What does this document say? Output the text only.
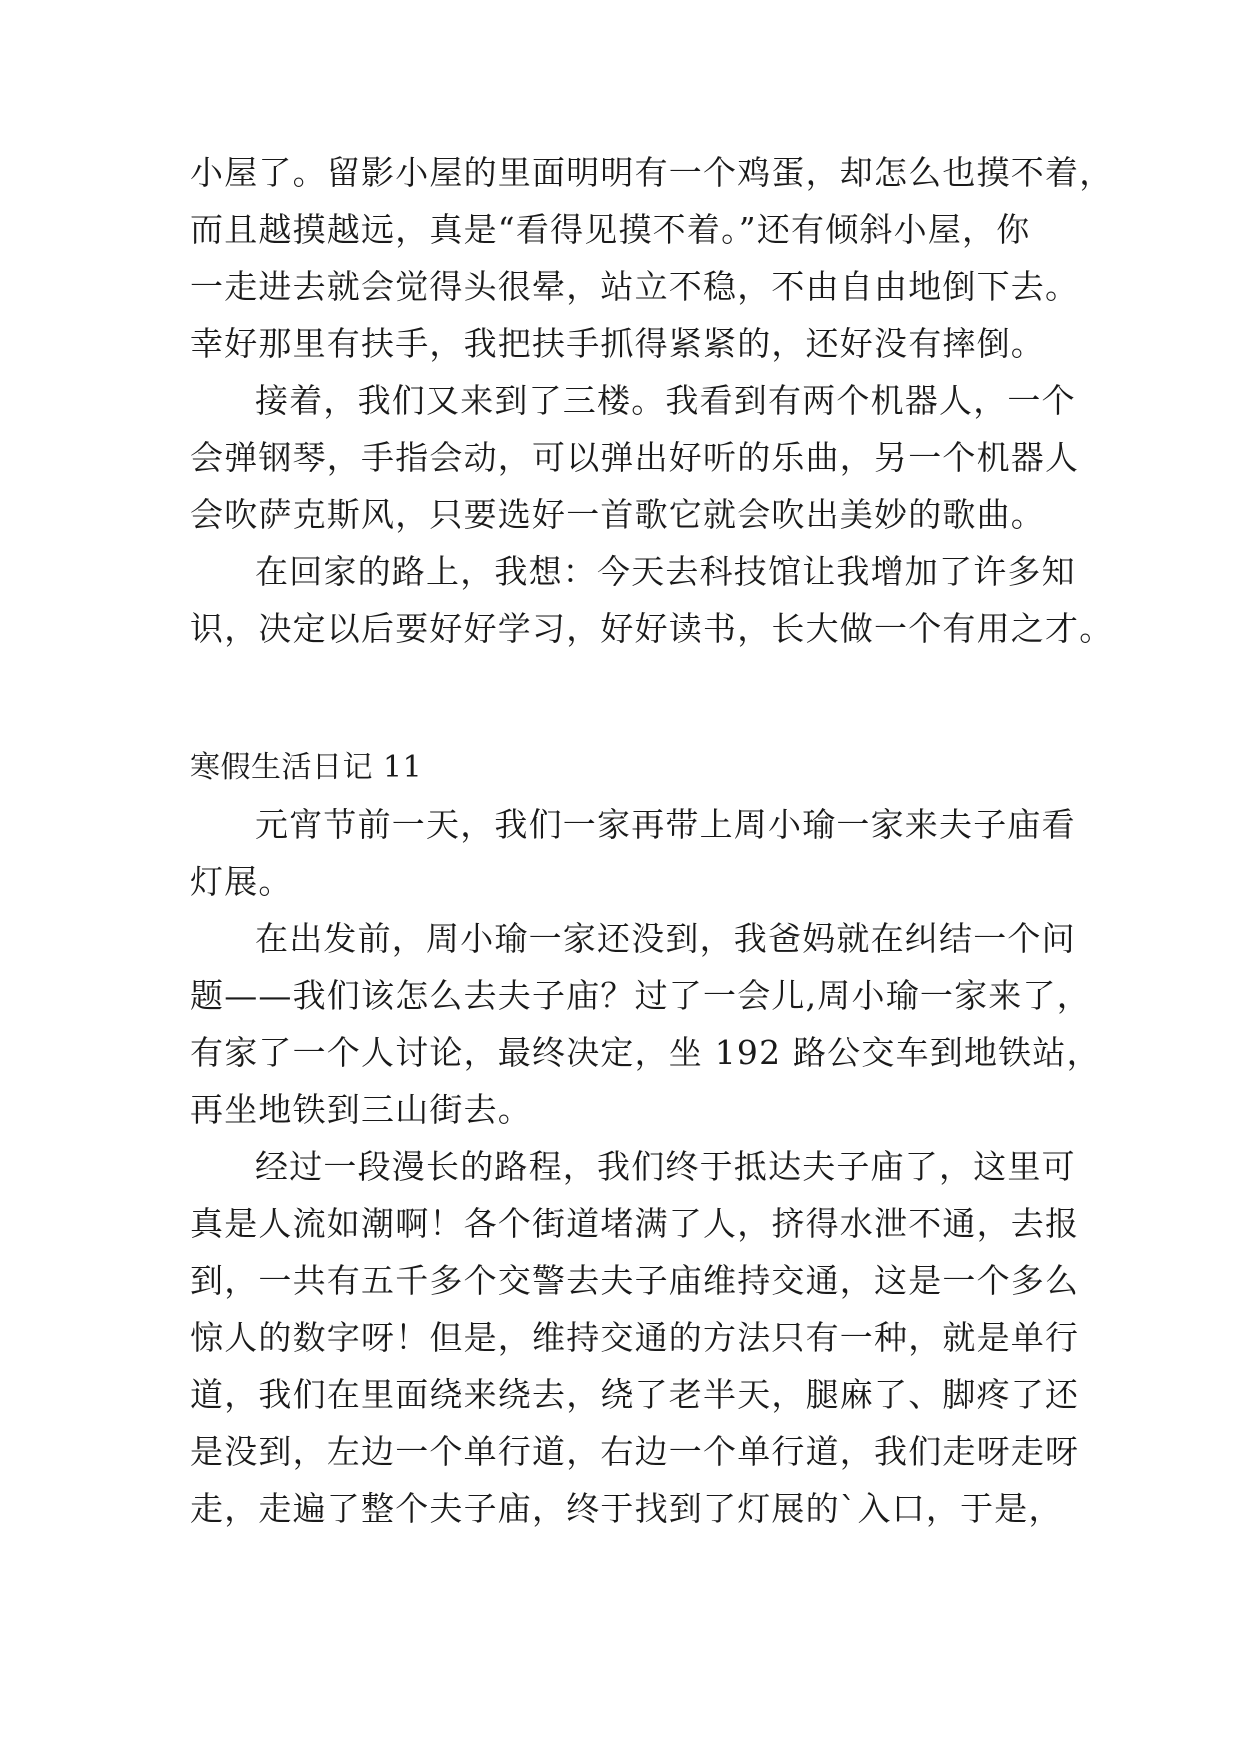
小屋了。留影小屋的里面明明有一个鸡蛋，却怎么也摸不着，
而且越摸越远，真是“看得见摸不着。”还有倾斜小屋，你
一走进去就会觉得头很晕，站立不稳，不由自由地倒下去。
幸好那里有扶手，我把扶手抓得紧紧的，还好没有摔倒。
接着，我们又来到了三楼。我看到有两个机器人，一个
会弹钢琴，手指会动，可以弹出好听的乐曲，另一个机器人
会吹萨克斯风，只要选好一首歌它就会吹出美妙的歌曲。
在回家的路上，我想：今天去科技馆让我增加了许多知
识，决定以后要好好学习，好好读书，长大做一个有用之才。
寒假生活日记 11
元宵节前一天，我们一家再带上周小瑜一家来夫子庙看
灯展。
在出发前，周小瑜一家还没到，我爸妈就在纠结一个问
题——我们该怎么去夫子庙？过了一会儿,周小瑜一家来了，
有家了一个人讨论，最终决定，坐 192 路公交车到地铁站，
再坐地铁到三山街去。
经过一段漫长的路程，我们终于抵达夫子庙了，这里可
真是人流如潮啊！各个街道堵满了人，挤得水泄不通，去报
到，一共有五千多个交警去夫子庙维持交通，这是一个多么
惊人的数字呀！但是，维持交通的方法只有一种，就是单行
道，我们在里面绕来绕去，绕了老半天，腿麻了、脚疼了还
是没到，左边一个单行道，右边一个单行道，我们走呀走呀
走，走遍了整个夫子庙，终于找到了灯展的`入口，于是，
